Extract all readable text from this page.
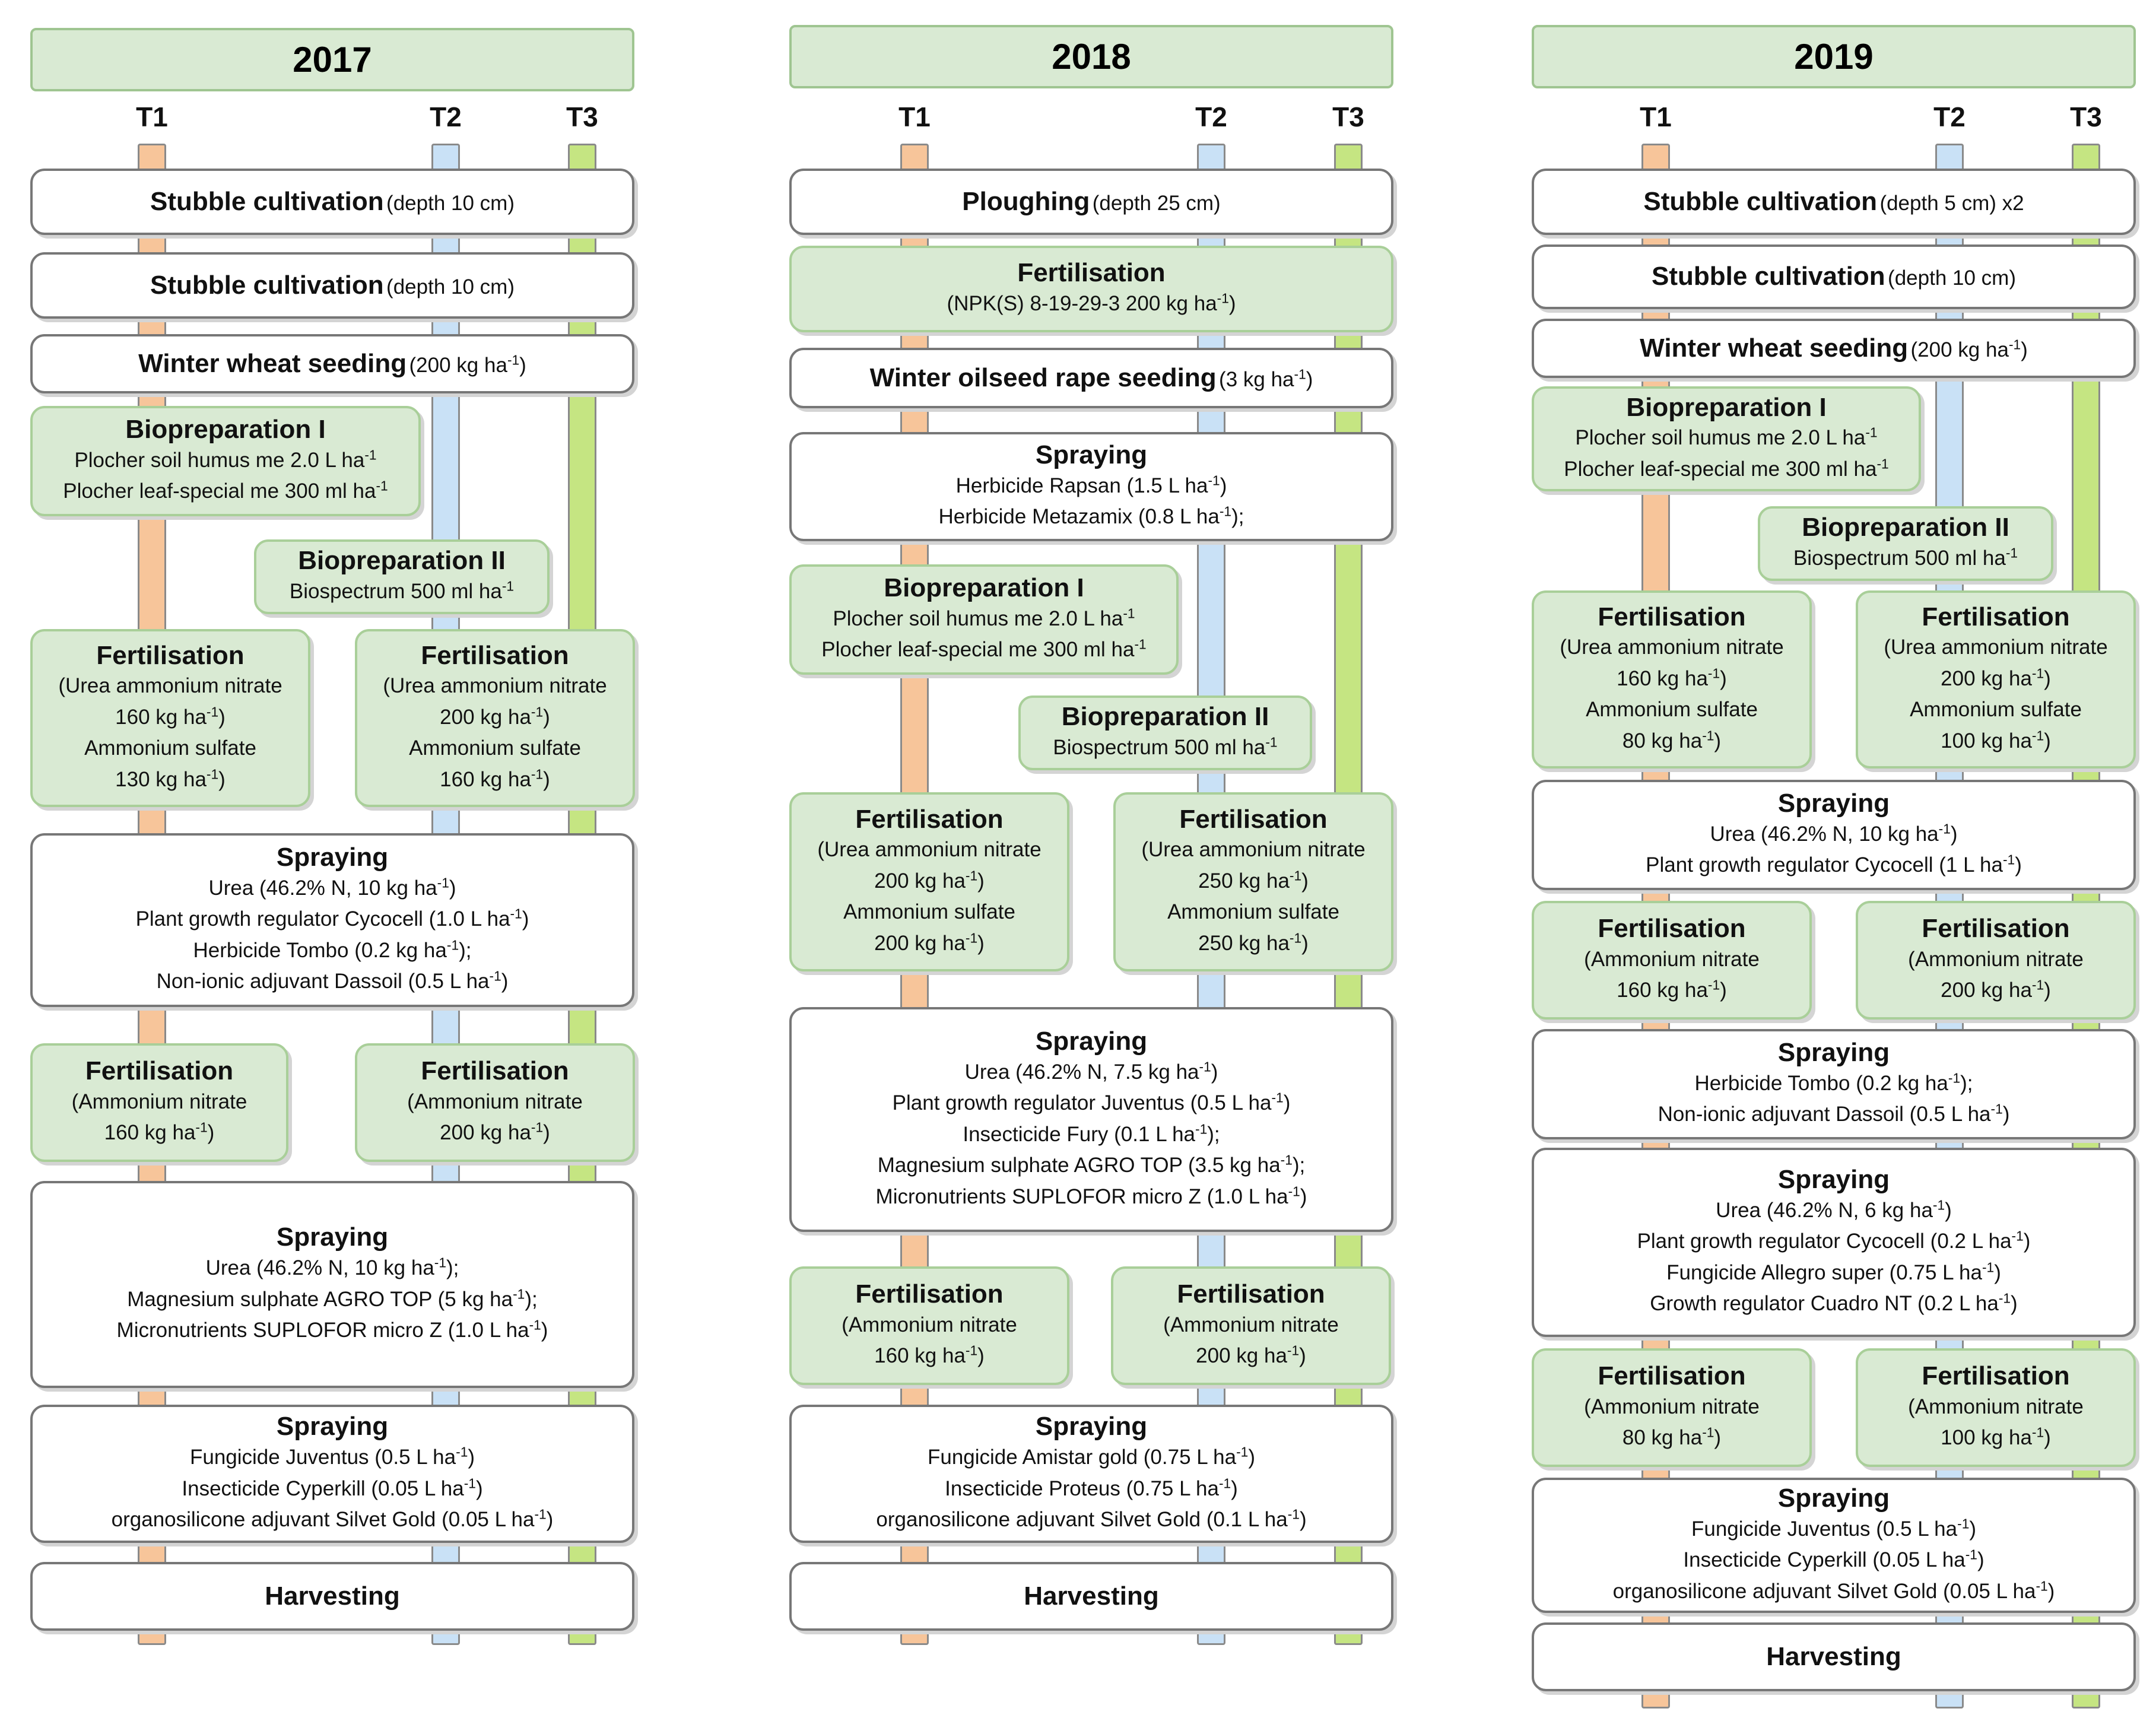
2017
T1	T2	T3
Stubble cultivation (depth 10 cm)
Stubble cultivation (depth 10 cm)
Winter wheat seeding (200 kg $ha^{-1}$)
Biopreparation I
Plocher soil humus me 2.0 L $ha^{-1}$
Plocher leaf-special me 300 ml $ha^{-1}$
Biopreparation II
Biospectrum 500 ml $ha^{-1}$
Fertilisation
(Urea ammonium nitrate
160 kg $ha^{-1}$)
Ammonium sulfate
130 kg $ha^{-1}$)
Fertilisation
(Urea ammonium nitrate
200 kg $ha^{-1}$)
Ammonium sulfate
160 kg $ha^{-1}$)
Spraying
Urea (46.2% N, 10 kg $ha^{-1}$)
Plant growth regulator Cycocell (1.0 L $ha^{-1}$)
Herbicide Tombo (0.2 kg $ha^{-1}$);
Non-ionic adjuvant Dassoil (0.5 L $ha^{-1}$)
Fertilisation
(Ammonium nitrate
160 kg $ha^{-1}$)
Fertilisation
(Ammonium nitrate
200 kg $ha^{-1}$)
Spraying
Urea (46.2% N, 10 kg $ha^{-1}$);
Magnesium sulphate AGRO TOP (5 kg $ha^{-1}$);
Micronutrients SUPLOFOR micro Z (1.0 L $ha^{-1}$)
Spraying
Fungicide Juventus (0.5 L $ha^{-1}$)
Insecticide Cyperkill (0.05 L $ha^{-1}$)
organosilicone adjuvant Silvet Gold (0.05 L $ha^{-1}$)
Harvesting
2018
T1	T2	T3
Ploughing (depth 25 cm)
Fertilisation
(NPK(S) 8-19-29-3 200 kg $ha^{-1}$)
Winter oilseed rape seeding (3 kg $ha^{-1}$)
Spraying
Herbicide Rapsan (1.5 L $ha^{-1}$)
Herbicide Metazamix (0.8 L $ha^{-1}$);
Biopreparation I
Plocher soil humus me 2.0 L $ha^{-1}$
Plocher leaf-special me 300 ml $ha^{-1}$
Biopreparation II
Biospectrum 500 ml $ha^{-1}$
Fertilisation
(Urea ammonium nitrate
200 kg $ha^{-1}$)
Ammonium sulfate
200 kg $ha^{-1}$)
Fertilisation
(Urea ammonium nitrate
250 kg $ha^{-1}$)
Ammonium sulfate
250 kg $ha^{-1}$)
Spraying
Urea (46.2% N, 7.5 kg $ha^{-1}$)
Plant growth regulator Juventus (0.5 L $ha^{-1}$)
Insecticide Fury (0.1 L $ha^{-1}$);
Magnesium sulphate AGRO TOP (3.5 kg $ha^{-1}$);
Micronutrients SUPLOFOR micro Z (1.0 L $ha^{-1}$)
Fertilisation
(Ammonium nitrate
160 kg $ha^{-1}$)
Fertilisation
(Ammonium nitrate
200 kg $ha^{-1}$)
Spraying
Fungicide Amistar gold (0.75 L $ha^{-1}$)
Insecticide Proteus (0.75 L $ha^{-1}$)
organosilicone adjuvant Silvet Gold (0.1 L $ha^{-1}$)
Harvesting
2019
T1	T2	T3
Stubble cultivation (depth 5 cm) x2
Stubble cultivation (depth 10 cm)
Winter wheat seeding (200 kg $ha^{-1}$)
Biopreparation I
Plocher soil humus me 2.0 L $ha^{-1}$
Plocher leaf-special me 300 ml $ha^{-1}$
Biopreparation II
Biospectrum 500 ml $ha^{-1}$
Fertilisation
(Urea ammonium nitrate
160 kg $ha^{-1}$)
Ammonium sulfate
80 kg $ha^{-1}$)
Fertilisation
(Urea ammonium nitrate
200 kg $ha^{-1}$)
Ammonium sulfate
100 kg $ha^{-1}$)
Spraying
Urea (46.2% N, 10 kg $ha^{-1}$)
Plant growth regulator Cycocell (1 L $ha^{-1}$)
Fertilisation
(Ammonium nitrate
160 kg $ha^{-1}$)
Fertilisation
(Ammonium nitrate
200 kg $ha^{-1}$)
Spraying
Herbicide Tombo (0.2 kg $ha^{-1}$);
Non-ionic adjuvant Dassoil (0.5 L $ha^{-1}$)
Spraying
Urea (46.2% N, 6 kg $ha^{-1}$)
Plant growth regulator Cycocell (0.2 L $ha^{-1}$)
Fungicide Allegro super (0.75 L $ha^{-1}$)
Growth regulator Cuadro NT (0.2 L $ha^{-1}$)
Fertilisation
(Ammonium nitrate
80 kg $ha^{-1}$)
Fertilisation
(Ammonium nitrate
100 kg $ha^{-1}$)
Spraying
Fungicide Juventus (0.5 L $ha^{-1}$)
Insecticide Cyperkill (0.05 L $ha^{-1}$)
organosilicone adjuvant Silvet Gold (0.05 L $ha^{-1}$)
Harvesting
